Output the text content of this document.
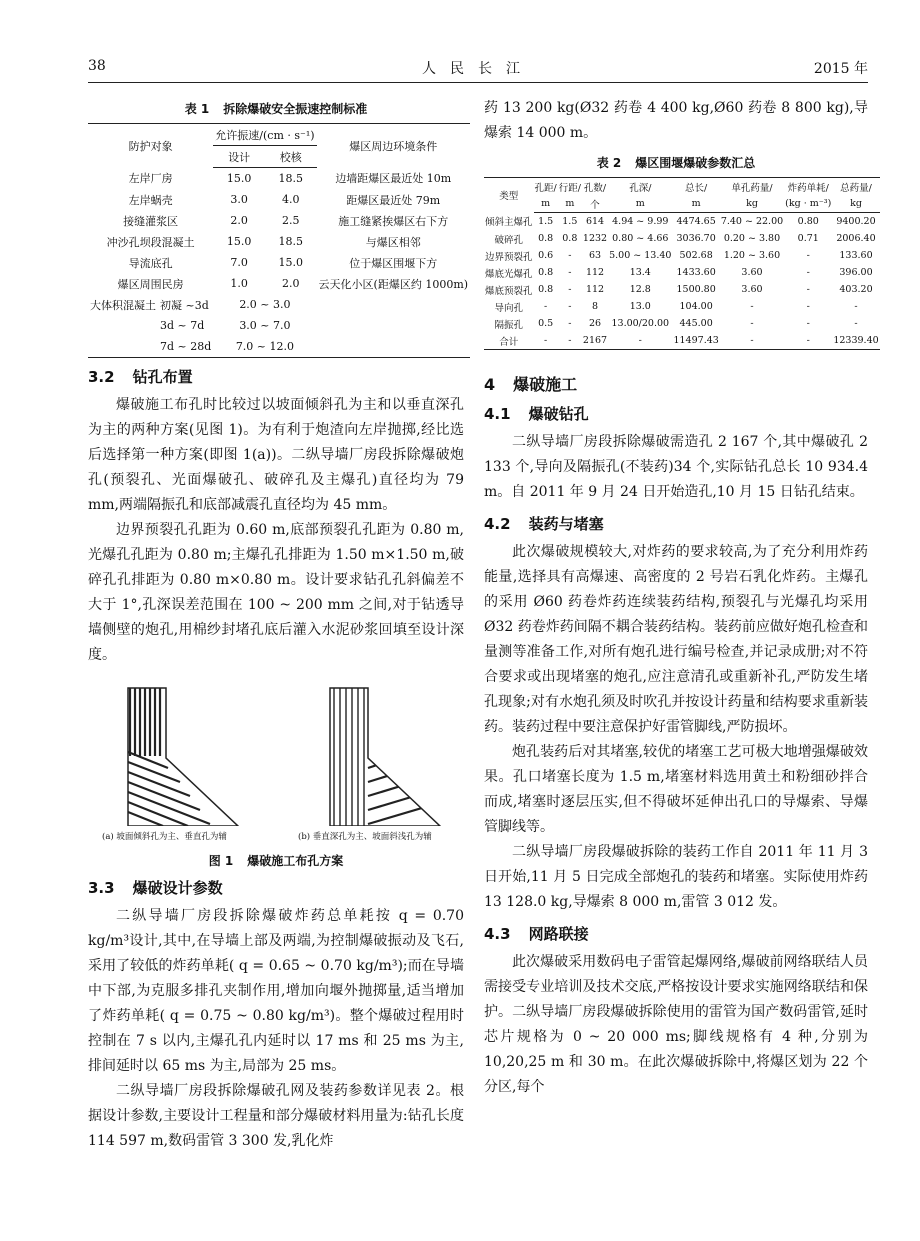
38	人民长江	2015 年
表 1 拆除爆破安全振速控制标准
防护对象		允许振速/(cm · s⁻¹)		爆区周边环境条件
		设计	校核	
左岸厂房		15.0	18.5	边墙距爆区最近处 10m
左岸蜗壳		3.0	4.0	距爆区最近处 79m
接缝灌浆区		2.0	2.5	施工缝紧挨爆区右下方
冲沙孔坝段混凝土		15.0	18.5	与爆区相邻
导流底孔		7.0	15.0	位于爆区围堰下方
爆区周围民房		1.0	2.0	云天化小区(距爆区约 1000m)
大体积混凝土	初凝 ~3d	2.0 ~ 3.0		
	3d ~ 7d	3.0 ~ 7.0		
	7d ~ 28d	7.0 ~ 12.0		
3.2 钻孔布置

爆破施工布孔时比较过以坡面倾斜孔为主和以垂直深孔为主的两种方案(见图 1)。为有利于炮渣向左岸抛掷,经比选后选择第一种方案(即图 1(a))。二纵导墙厂房段拆除爆破炮孔(预裂孔、光面爆破孔、破碎孔及主爆孔)直径均为 79 mm,两端隔振孔和底部减震孔直径均为 45 mm。

边界预裂孔孔距为 0.60 m,底部预裂孔孔距为 0.80 m,光爆孔孔距为 0.80 m;主爆孔孔排距为 1.50 m×1.50 m,破碎孔孔排距为 0.80 m×0.80 m。设计要求钻孔孔斜偏差不大于 1°,孔深误差范围在 100 ~ 200 mm 之间,对于钻透导墙侧壁的炮孔,用棉纱封堵孔底后灌入水泥砂浆回填至设计深度。

(a) 坡面倾斜孔为主、垂直孔为辅	(b) 垂直深孔为主、坡面斜浅孔为辅
图 1 爆破施工布孔方案
3.3 爆破设计参数

二纵导墙厂房段拆除爆破炸药总单耗按 q = 0.70 kg/m³设计,其中,在导墙上部及两端,为控制爆破振动及飞石,采用了较低的炸药单耗( q = 0.65 ~ 0.70 kg/m³);而在导墙中下部,为克服多排孔夹制作用,增加向堰外抛掷量,适当增加了炸药单耗( q = 0.75 ~ 0.80 kg/m³)。整个爆破过程用时控制在 7 s 以内,主爆孔孔内延时以 17 ms 和 25 ms 为主,排间延时以 65 ms 为主,局部为 25 ms。

二纵导墙厂房段拆除爆破孔网及装药参数详见表 2。根据设计参数,主要设计工程量和部分爆破材料用量为:钻孔长度 114 597 m,数码雷管 3 300 发,乳化炸

药 13 200 kg(Ø32 药卷 4 400 kg,Ø60 药卷 8 800 kg),导爆索 14 000 m。

表 2 爆区围堰爆破参数汇总
类型	孔距/	行距/	孔数/	孔深/	总长/	单孔药量/	炸药单耗/	总药量/
	m	m	个	m	m	kg	(kg · m⁻³)	kg
倾斜主爆孔	1.5	1.5	614	4.94 ~ 9.99	4474.65	7.40 ~ 22.00	0.80	9400.20
破碎孔	0.8	0.8	1232	0.80 ~ 4.66	3036.70	0.20 ~ 3.80	0.71	2006.40
边界预裂孔	0.6	-	63	5.00 ~ 13.40	502.68	1.20 ~ 3.60	-	133.60
爆底光爆孔	0.8	-	112	13.4	1433.60	3.60	-	396.00
爆底预裂孔	0.8	-	112	12.8	1500.80	3.60	-	403.20
导向孔	-	-	8	13.0	104.00	-	-	-
隔振孔	0.5	-	26	13.00/20.00	445.00	-	-	-
合计	-	-	2167	-	11497.43	-	-	12339.40
4 爆破施工
4.1 爆破钻孔

二纵导墙厂房段拆除爆破需造孔 2 167 个,其中爆破孔 2 133 个,导向及隔振孔(不装药)34 个,实际钻孔总长 10 934.4 m。自 2011 年 9 月 24 日开始造孔,10 月 15 日钻孔结束。

4.2 装药与堵塞

此次爆破规模较大,对炸药的要求较高,为了充分利用炸药能量,选择具有高爆速、高密度的 2 号岩石乳化炸药。主爆孔的采用 Ø60 药卷炸药连续装药结构,预裂孔与光爆孔均采用 Ø32 药卷炸药间隔不耦合装药结构。装药前应做好炮孔检查和量测等准备工作,对所有炮孔进行编号检查,并记录成册;对不符合要求或出现堵塞的炮孔,应注意清孔或重新补孔,严防发生堵孔现象;对有水炮孔须及时吹孔并按设计药量和结构要求重新装药。装药过程中要注意保护好雷管脚线,严防损坏。

炮孔装药后对其堵塞,较优的堵塞工艺可极大地增强爆破效果。孔口堵塞长度为 1.5 m,堵塞材料选用黄土和粉细砂拌合而成,堵塞时逐层压实,但不得破坏延伸出孔口的导爆索、导爆管脚线等。

二纵导墙厂房段爆破拆除的装药工作自 2011 年 11 月 3 日开始,11 月 5 日完成全部炮孔的装药和堵塞。实际使用炸药 13 128.0 kg,导爆索 8 000 m,雷管 3 012 发。

4.3 网路联接

此次爆破采用数码电子雷管起爆网络,爆破前网络联结人员需接受专业培训及技术交底,严格按设计要求实施网络联结和保护。二纵导墙厂房段爆破拆除使用的雷管为国产数码雷管,延时芯片规格为 0 ~ 20 000 ms;脚线规格有 4 种,分别为 10,20,25 m 和 30 m。在此次爆破拆除中,将爆区划为 22 个分区,每个
